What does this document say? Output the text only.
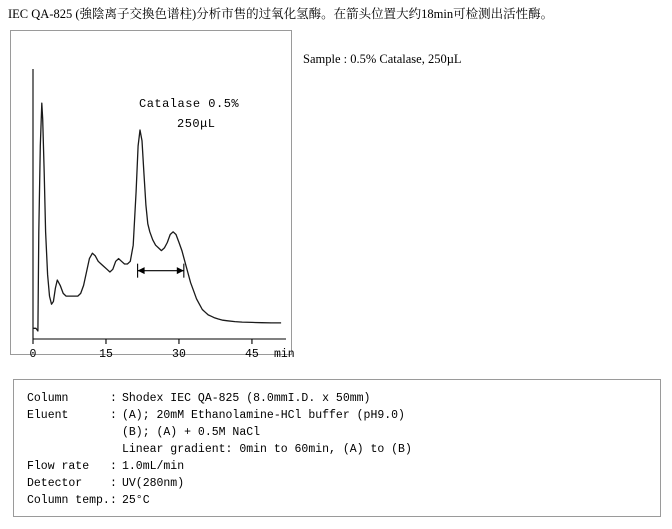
IEC QA-825 (強陰离子交換色谱柱)分析市售的过氧化氢酶。在箭头位置大约18min可检测出活性酶。
0	15	30	45 min
Catalase 0.5%
250μL
Sample : 0.5% Catalase, 250µL
Column	: Shodex IEC QA-825 (8.0mmI.D. x 50mm)
Eluent	: (A); 20mM Ethanolamine-HCl buffer (pH9.0)
(B); (A) + 0.5M NaCl
Linear gradient: 0min to 60min, (A) to (B)
Flow rate	: 1.0mL/min
Detector	: UV(280nm)
Column temp. : 25°C
